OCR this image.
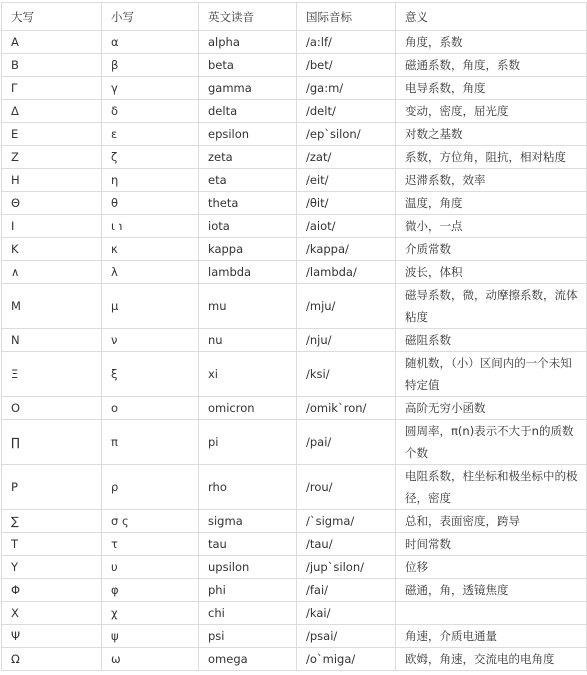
大写	小写	英文读音	国际音标	意义
Α	α	alpha	/a:lf/	角度，系数
Β	β	beta	/bet/	磁通系数，角度，系数
Γ	γ	gamma	/ga:m/	电导系数，角度
Δ	δ	delta	/delt/	变动，密度，屈光度
Ε	ε	epsilon	/ep`silon/	对数之基数
Ζ	ζ	zeta	/zat/	系数，方位角，阻抗，相对粘度
Η	η	eta	/eit/	迟滞系数，效率
Θ	θ	theta	/θit/	温度，角度
Ι	ι ℩	iota	/aiot/	微小，一点
Κ	κ	kappa	/kappa/	介质常数
∧	λ	lambda	/lambda/	波长，体积
Μ	μ	mu	/mju/	磁导系数，微，动摩擦系数，流体粘度
Ν	ν	nu	/nju/	磁阻系数
Ξ	ξ	xi	/ksi/	随机数，（小）区间内的一个未知特定值
Ο	ο	omicron	/omik`ron/	高阶无穷小函数
∏	π	pi	/pai/	圆周率，π(n)表示不大于n的质数个数
Ρ	ρ	rho	/rou/	电阻系数，柱坐标和极坐标中的极径，密度
∑	σ ς	sigma	/`sigma/	总和，表面密度，跨导
Τ	τ	tau	/tau/	时间常数
Υ	υ	upsilon	/jup`silon/	位移
Φ	φ	phi	/fai/	磁通，角，透镜焦度
Χ	χ	chi	/kai/	
Ψ	ψ	psi	/psai/	角速，介质电通量
Ω	ω	omega	/o`miga/	欧姆，角速，交流电的电角度
